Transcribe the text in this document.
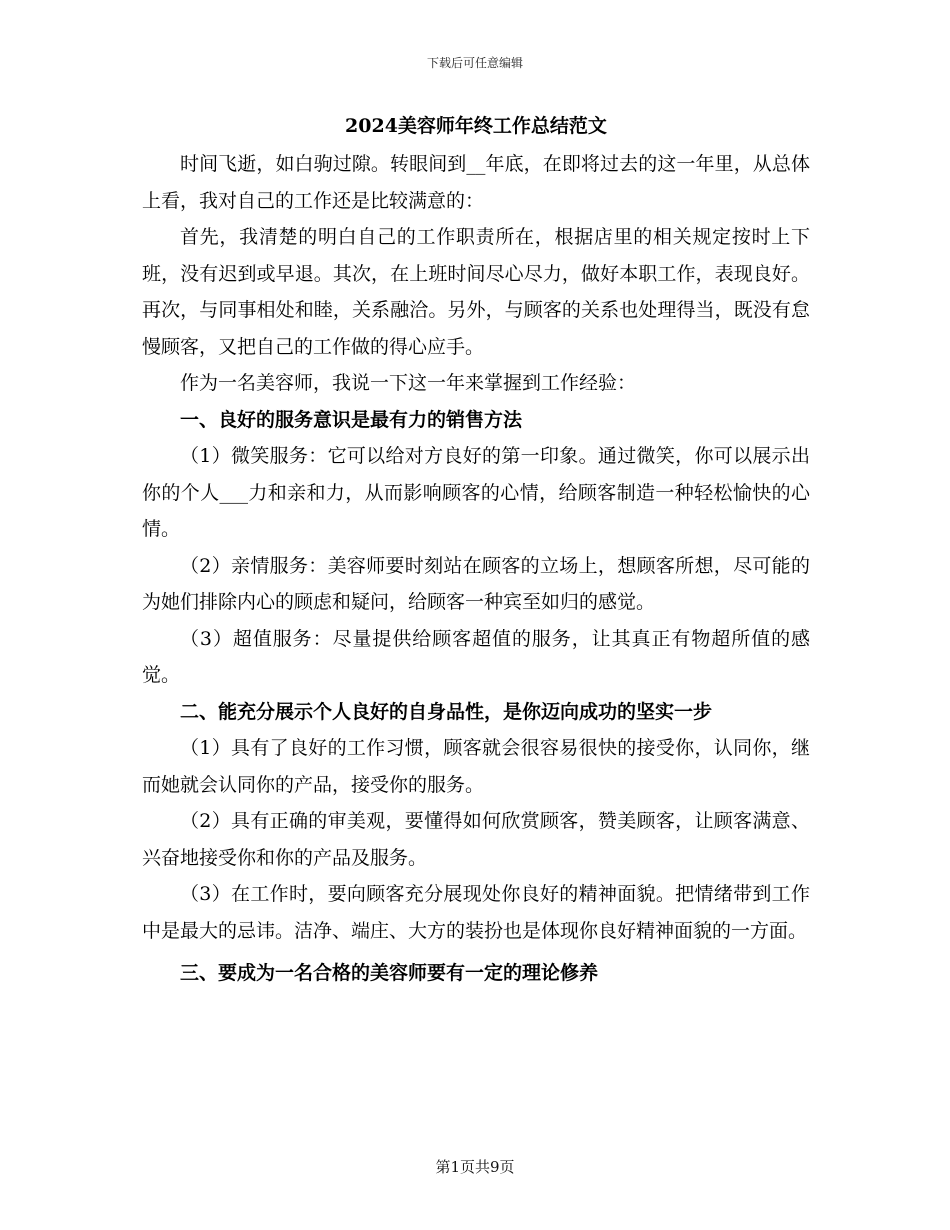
下载后可任意编辑
2024美容师年终工作总结范文

时间飞逝，如白驹过隙。转眼间到__年底，在即将过去的这一年里，从总体上看，我对自己的工作还是比较满意的：

首先，我清楚的明白自己的工作职责所在，根据店里的相关规定按时上下班，没有迟到或早退。其次，在上班时间尽心尽力，做好本职工作，表现良好。再次，与同事相处和睦，关系融洽。另外，与顾客的关系也处理得当，既没有怠慢顾客，又把自己的工作做的得心应手。

作为一名美容师，我说一下这一年来掌握到工作经验：

一、良好的服务意识是最有力的销售方法

（1）微笑服务：它可以给对方良好的第一印象。通过微笑，你可以展示出你的个人___力和亲和力，从而影响顾客的心情，给顾客制造一种轻松愉快的心情。

（2）亲情服务：美容师要时刻站在顾客的立场上，想顾客所想，尽可能的为她们排除内心的顾虑和疑问，给顾客一种宾至如归的感觉。

（3）超值服务：尽量提供给顾客超值的服务，让其真正有物超所值的感觉。

二、能充分展示个人良好的自身品性，是你迈向成功的坚实一步

（1）具有了良好的工作习惯，顾客就会很容易很快的接受你，认同你，继而她就会认同你的产品，接受你的服务。

（2）具有正确的审美观，要懂得如何欣赏顾客，赞美顾客，让顾客满意、兴奋地接受你和你的产品及服务。

（3）在工作时，要向顾客充分展现处你良好的精神面貌。把情绪带到工作中是最大的忌讳。洁净、端庄、大方的装扮也是体现你良好精神面貌的一方面。

三、要成为一名合格的美容师要有一定的理论修养

第1页共9页
